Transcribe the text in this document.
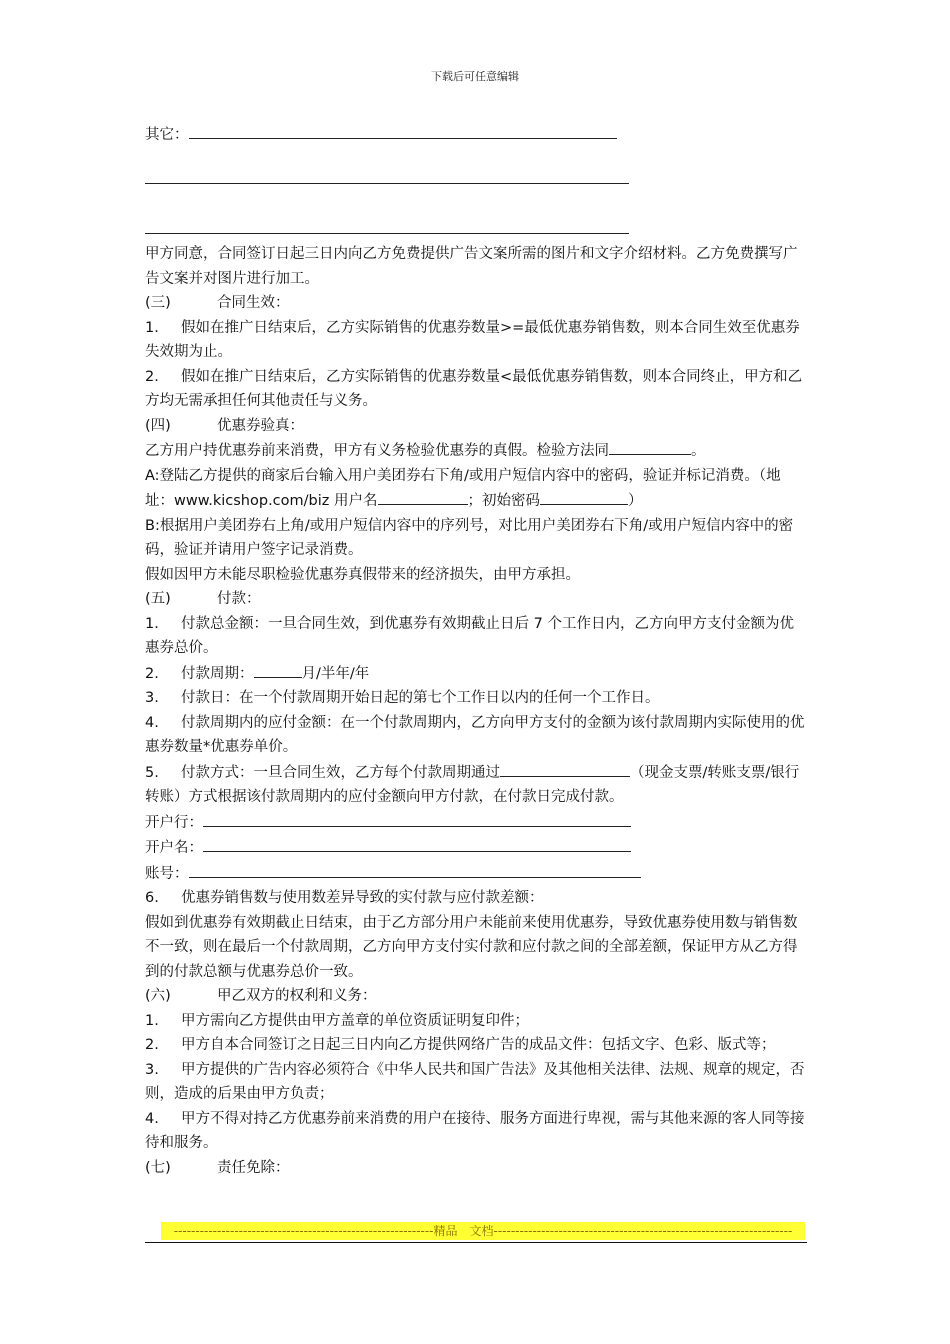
下载后可任意编辑
其它：
甲方同意，合同签订日起三日内向乙方免费提供广告文案所需的图片和文字介绍材料。乙方免费撰写广告文案并对图片进行加工。
(三)	合同生效：
1. 假如在推广日结束后，乙方实际销售的优惠券数量>=最低优惠券销售数，则本合同生效至优惠券失效期为止。
2. 假如在推广日结束后，乙方实际销售的优惠券数量<最低优惠券销售数，则本合同终止，甲方和乙方均无需承担任何其他责任与义务。
(四)	优惠券验真：
乙方用户持优惠券前来消费，甲方有义务检验优惠券的真假。检验方法同	。
A:登陆乙方提供的商家后台输入用户美团券右下角/或用户短信内容中的密码，验证并标记消费。（地址：www.kicshop.com/biz 用户名	；初始密码	）
B:根据用户美团券右上角/或用户短信内容中的序列号，对比用户美团券右下角/或用户短信内容中的密码，验证并请用户签字记录消费。
假如因甲方未能尽职检验优惠券真假带来的经济损失，由甲方承担。
(五)	付款：
1. 付款总金额：一旦合同生效，到优惠券有效期截止日后 7 个工作日内，乙方向甲方支付金额为优惠券总价。
2. 付款周期：	月/半年/年
3. 付款日：在一个付款周期开始日起的第七个工作日以内的任何一个工作日。
4. 付款周期内的应付金额：在一个付款周期内，乙方向甲方支付的金额为该付款周期内实际使用的优惠券数量*优惠券单价。
5. 付款方式：一旦合同生效，乙方每个付款周期通过	（现金支票/转账支票/银行转账）方式根据该付款周期内的应付金额向甲方付款，在付款日完成付款。
开户行：
开户名：
账号：
6. 优惠券销售数与使用数差异导致的实付款与应付款差额：
假如到优惠券有效期截止日结束，由于乙方部分用户未能前来使用优惠券，导致优惠券使用数与销售数不一致，则在最后一个付款周期，乙方向甲方支付实付款和应付款之间的全部差额，保证甲方从乙方得到的付款总额与优惠券总价一致。
(六)	甲乙双方的权利和义务：
1. 甲方需向乙方提供由甲方盖章的单位资质证明复印件；
2. 甲方自本合同签订之日起三日内向乙方提供网络广告的成品文件：包括文字、色彩、版式等；
3. 甲方提供的广告内容必须符合《中华人民共和国广告法》及其他相关法律、法规、规章的规定，否则，造成的后果由甲方负责；
4. 甲方不得对持乙方优惠券前来消费的用户在接待、服务方面进行卑视，需与其他来源的客人同等接待和服务。
(七)	责任免除：
------------------------------------------------------------精品　文档---------------------------------------------------------------------
